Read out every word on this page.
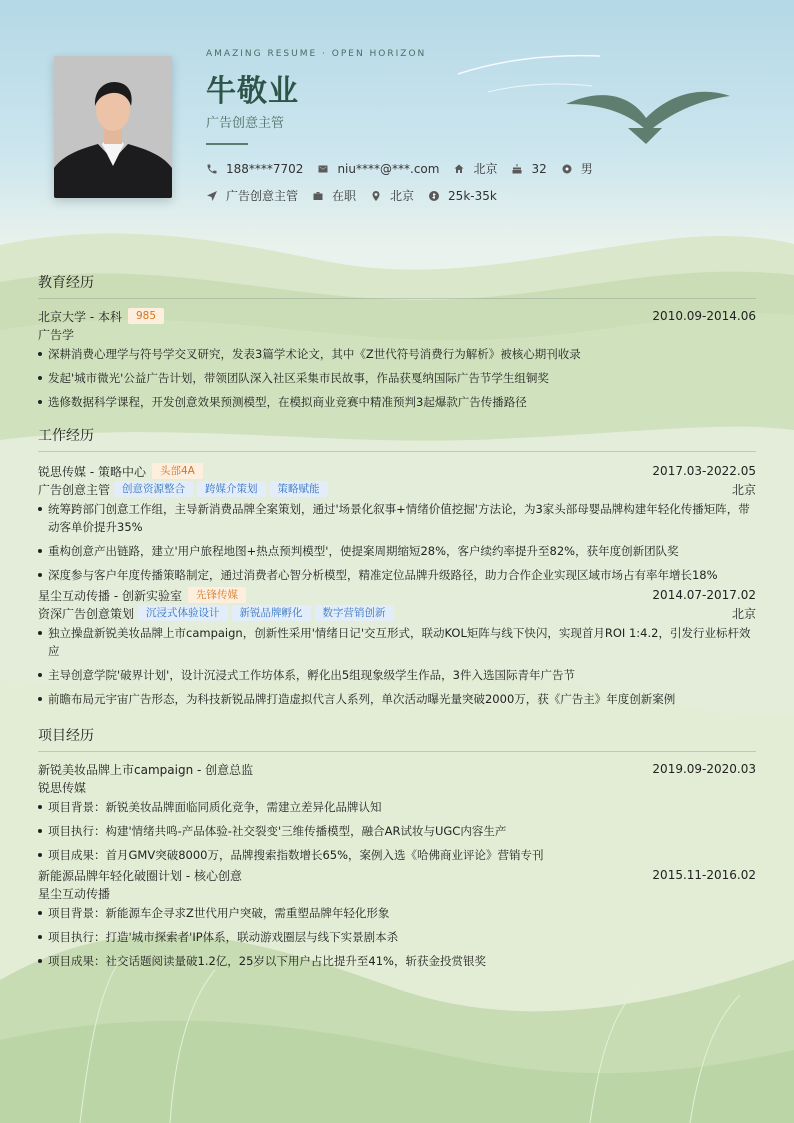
AMAZING RESUME · OPEN HORIZON
牛敬业
广告创意主管
188****7702	niu****@***.com	北京	32	男
广告创意主管	在职	北京	25k-35k
教育经历
北京大学 - 本科	985	2010.09-2014.06
广告学
深耕消费心理学与符号学交叉研究，发表3篇学术论文，其中《Z世代符号消费行为解析》被核心期刊收录
发起'城市微光'公益广告计划，带领团队深入社区采集市民故事，作品获戛纳国际广告节学生组铜奖
选修数据科学课程，开发创意效果预测模型，在模拟商业竞赛中精准预判3起爆款广告传播路径
工作经历
锐思传媒 - 策略中心	头部4A	2017.03-2022.05
广告创意主管	创意资源整合	跨媒介策划	策略赋能	北京
统筹跨部门创意工作组，主导新消费品牌全案策划，通过'场景化叙事+情绪价值挖掘'方法论，为3家头部母婴品牌构建年轻化传播矩阵，带动客单价提升35%
重构创意产出链路，建立'用户旅程地图+热点预判模型'，使提案周期缩短28%，客户续约率提升至82%，获年度创新团队奖
深度参与客户年度传播策略制定，通过消费者心智分析模型，精准定位品牌升级路径，助力合作企业实现区域市场占有率年增长18%
星尘互动传播 - 创新实验室	先锋传媒	2014.07-2017.02
资深广告创意策划	沉浸式体验设计	新锐品牌孵化	数字营销创新	北京
独立操盘新锐美妆品牌上市campaign，创新性采用'情绪日记'交互形式，联动KOL矩阵与线下快闪，实现首月ROI 1:4.2，引发行业标杆效应
主导创意学院'破界计划'，设计沉浸式工作坊体系，孵化出5组现象级学生作品，3件入选国际青年广告节
前瞻布局元宇宙广告形态，为科技新锐品牌打造虚拟代言人系列，单次活动曝光量突破2000万，获《广告主》年度创新案例
项目经历
新锐美妆品牌上市campaign - 创意总监	2019.09-2020.03
锐思传媒
项目背景：新锐美妆品牌面临同质化竞争，需建立差异化品牌认知
项目执行：构建'情绪共鸣-产品体验-社交裂变'三维传播模型，融合AR试妆与UGC内容生产
项目成果：首月GMV突破8000万，品牌搜索指数增长65%，案例入选《哈佛商业评论》营销专刊
新能源品牌年轻化破圈计划 - 核心创意	2015.11-2016.02
星尘互动传播
项目背景：新能源车企寻求Z世代用户突破，需重塑品牌年轻化形象
项目执行：打造'城市探索者'IP体系，联动游戏圈层与线下实景剧本杀
项目成果：社交话题阅读量破1.2亿，25岁以下用户占比提升至41%，斩获金投赏银奖
